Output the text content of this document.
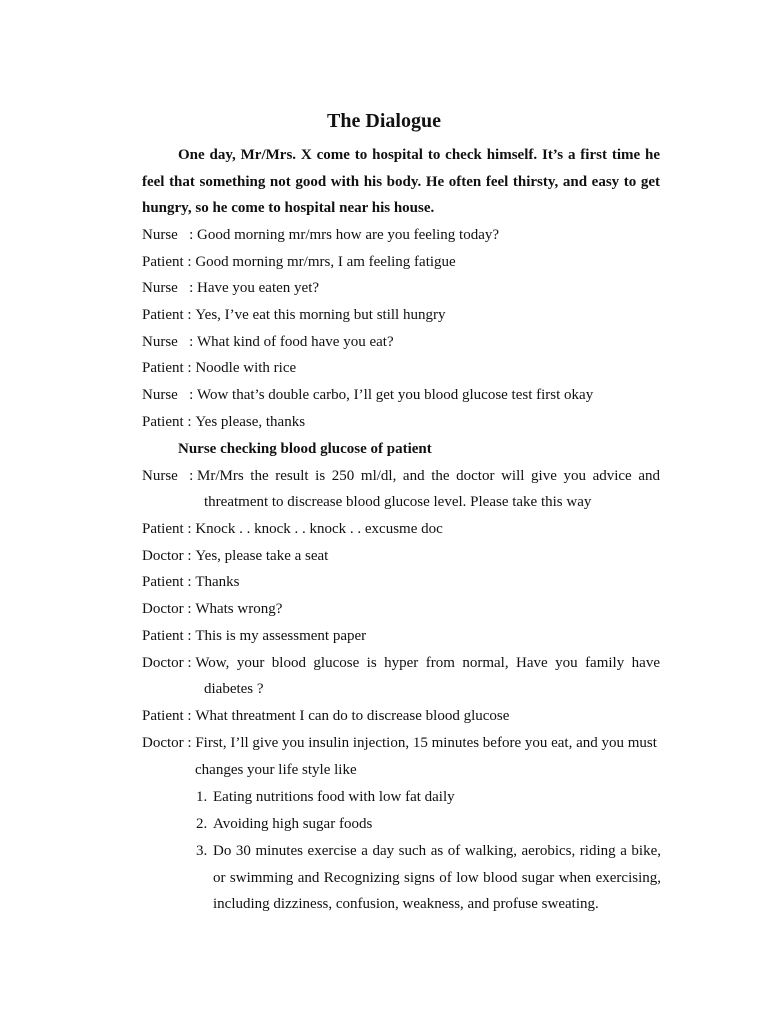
The Dialogue

One day, Mr/Mrs. X come to hospital to check himself. It’s a first time he feel that something not good with his body. He often feel thirsty, and easy to get hungry, so he come to hospital near his house.

Nurse   : Good morning mr/mrs how are you feeling today?
Patient : Good morning mr/mrs, I am feeling fatigue
Nurse   : Have you eaten yet?
Patient : Yes, I’ve eat this morning but still hungry
Nurse   : What kind of food have you eat?
Patient : Noodle with rice
Nurse   : Wow that’s double carbo, I’ll get you blood glucose test first okay
Patient : Yes please, thanks
Nurse checking blood glucose of patient
Nurse   : Mr/Mrs the result is 250 ml/dl, and the doctor will give you advice and
threatment to discrease blood glucose level. Please take this way
Patient : Knock . . knock . . knock . . excusme doc
Doctor : Yes, please take a seat
Patient : Thanks
Doctor : Whats wrong?
Patient : This is my assessment paper
Doctor : Wow, your blood glucose is hyper from normal, Have you family have
diabetes ?
Patient : What threatment I can do to discrease blood glucose
Doctor : First, I’ll give you insulin injection, 15 minutes before you eat, and you must
changes your life style like
1. Eating nutritions food with low fat daily
2. Avoiding high sugar foods
3. Do 30 minutes exercise a day such as of walking, aerobics, riding a bike, or swimming and Recognizing signs of low blood sugar when exercising, including dizziness, confusion, weakness, and profuse sweating.
